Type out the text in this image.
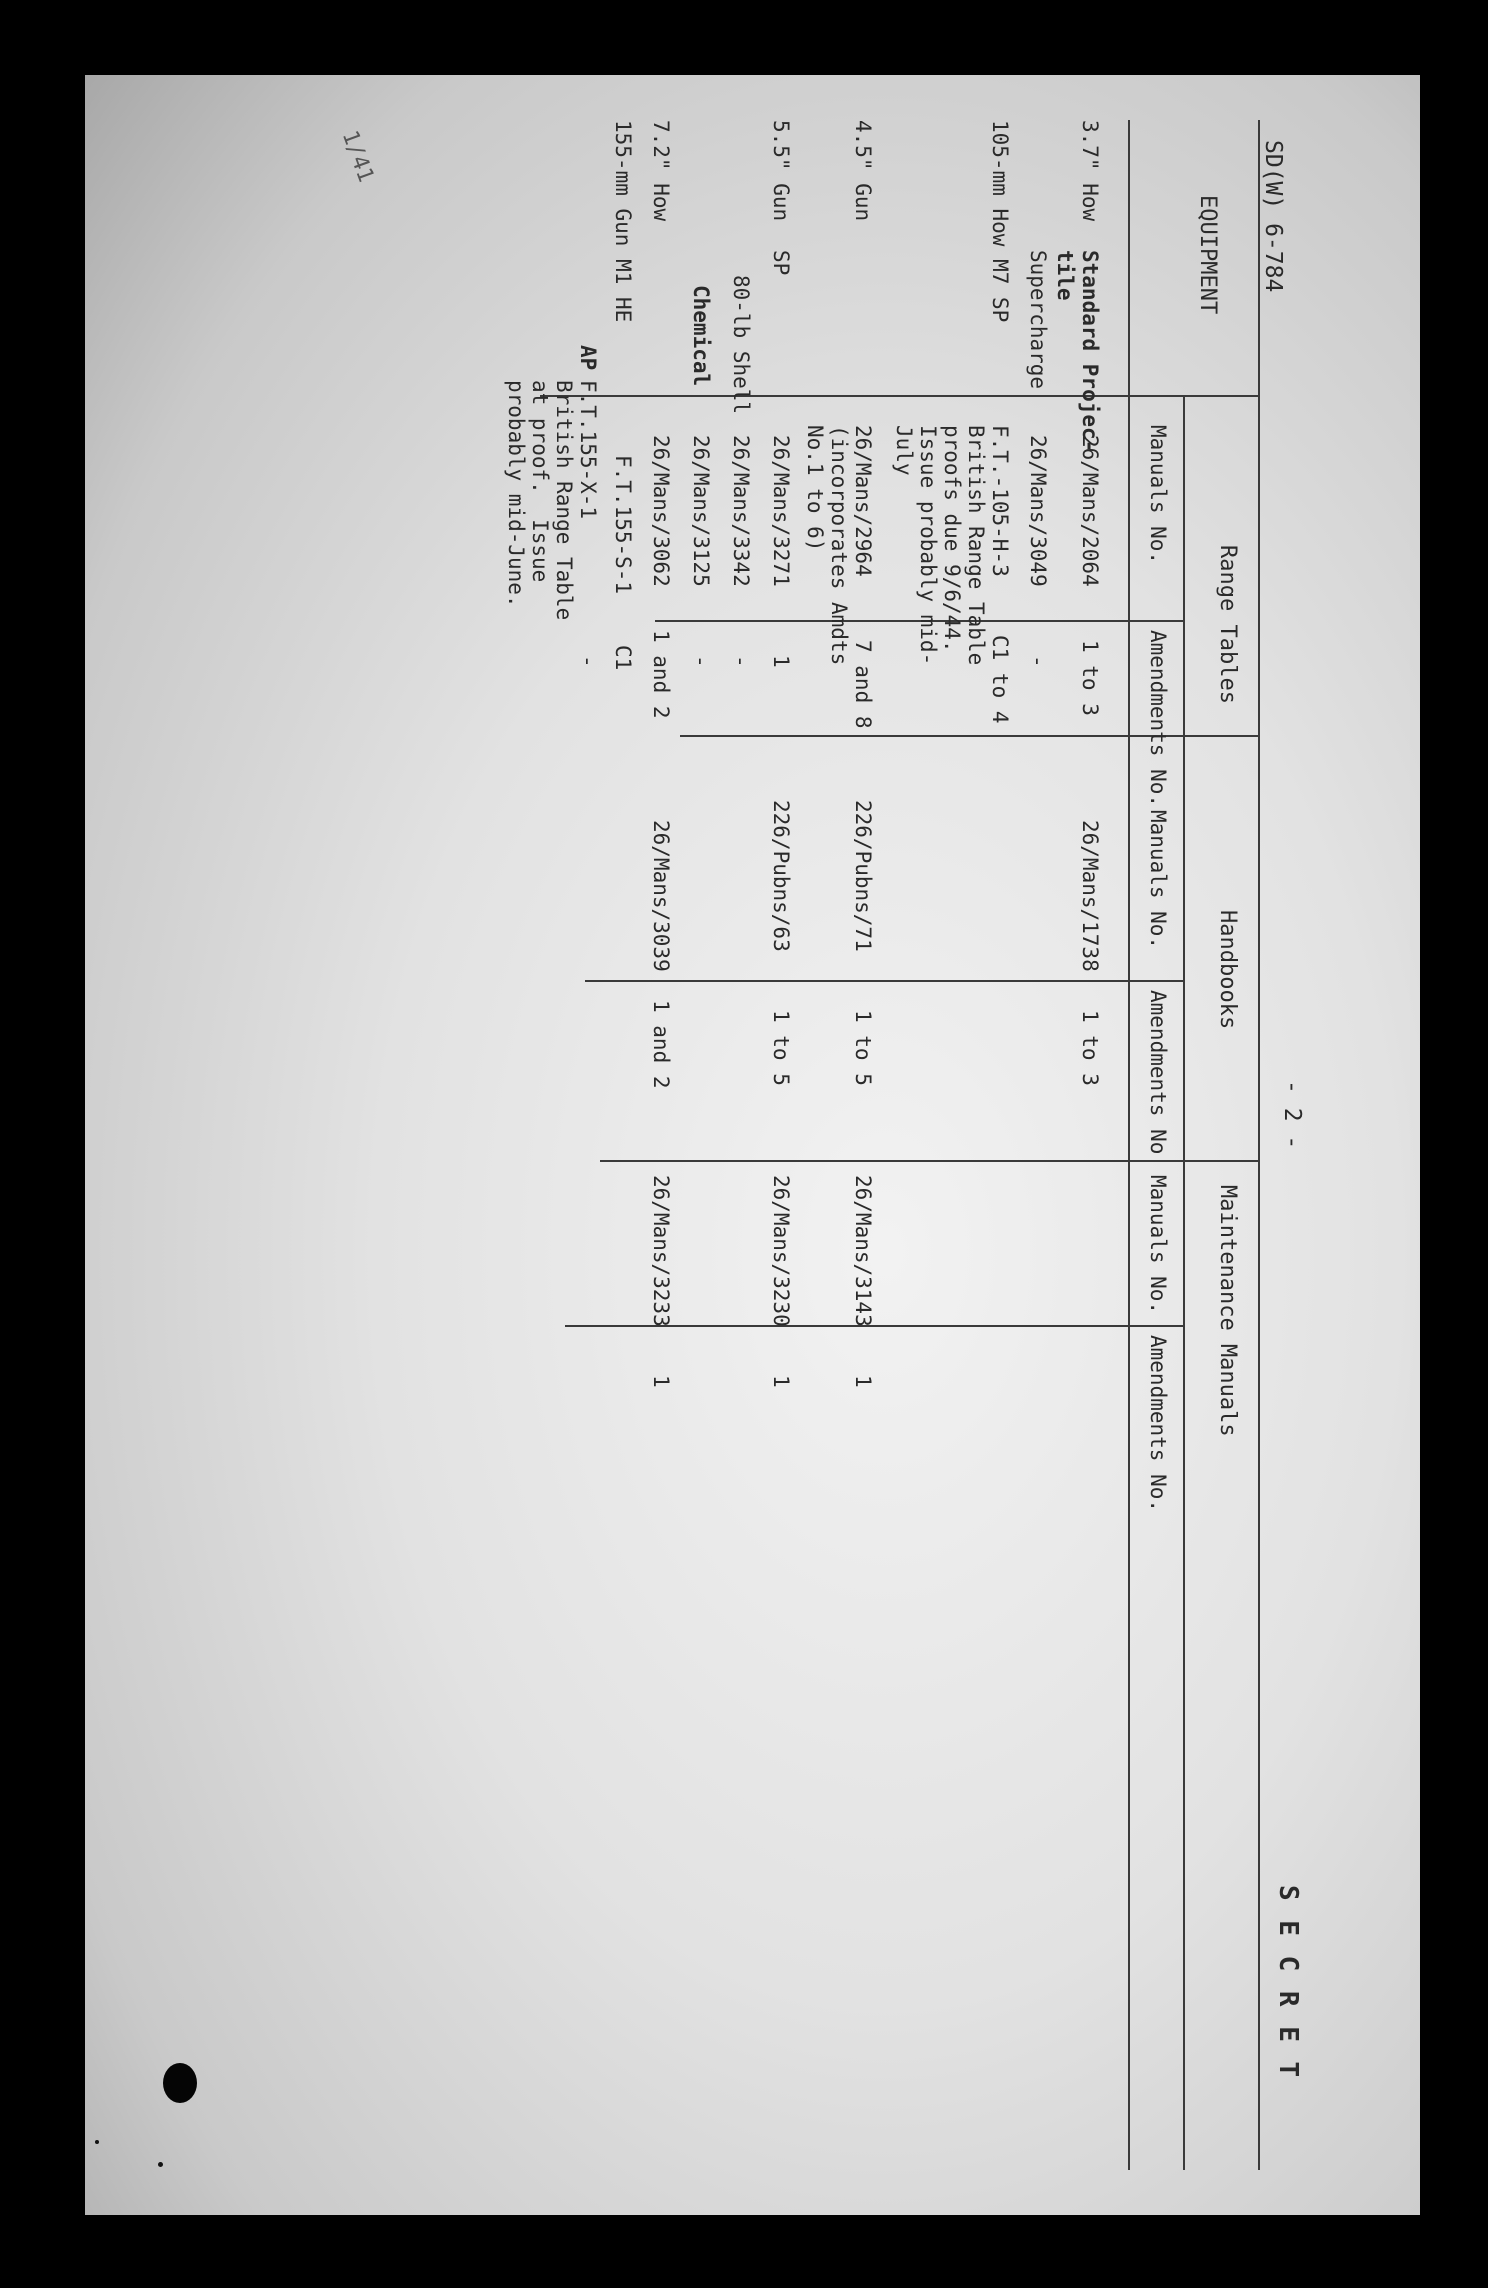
SD(W) 6-784
- 2 -
S E C R E T
1/41
EQUIPMENT
Range Tables
Handbooks
Maintenance Manuals
Manuals No.
Amendments No.
Manuals No.
Amendments No
Manuals No.
Amendments No.
3.7" How
Standard Projec-
tile
26/Mans/2064
1 to 3
26/Mans/1738
1 to 3
Supercharge
26/Mans/3049
-
105-mm How M7 SP
F.T.-105-H-3
British Range Table
proofs due 9/6/44.
Issue probably mid-
July
C1 to 4
4.5" Gun
26/Mans/2964
(incorporates Amdts
No.1 to 6)
7 and 8
226/Pubns/71
1 to 5
26/Mans/3143
1
5.5" Gun
SP
26/Mans/3271
1
226/Pubns/63
1 to 5
26/Mans/3230
1
80-lb Shell
26/Mans/3342
-
Chemical
26/Mans/3125
-
7.2" How
26/Mans/3062
1 and 2
26/Mans/3039
1 and 2
26/Mans/3233
1
155-mm Gun M1 HE
F.T.155-S-1
C1
AP
F.T.155-X-1
British Range Table
at proof.  Issue
probably mid-June.
-
